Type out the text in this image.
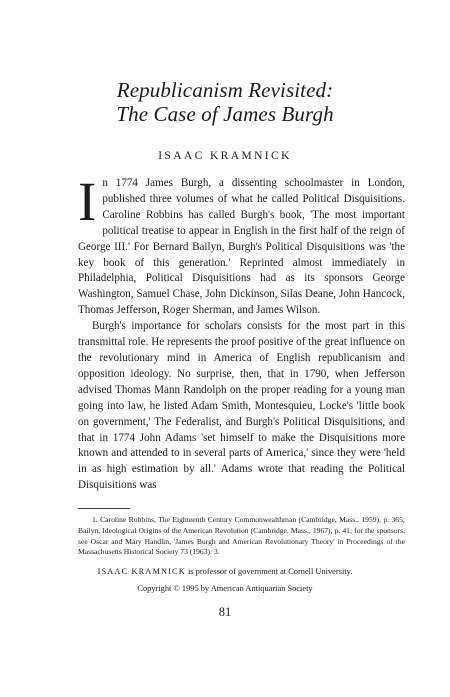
Republicanism Revisited:
The Case of James Burgh
ISAAC KRAMNICK

In 1774 James Burgh, a dissenting schoolmaster in London, published three volumes of what he called Political Disquisitions. Caroline Robbins has called Burgh's book, 'The most important political treatise to appear in English in the first half of the reign of George III.' For Bernard Bailyn, Burgh's Political Disquisitions was 'the key book of this generation.' Reprinted almost immediately in Philadelphia, Political Disquisitions had as its sponsors George Washington, Samuel Chase, John Dickinson, Silas Deane, John Hancock, Thomas Jefferson, Roger Sherman, and James Wilson.

Burgh's importance for scholars consists for the most part in this transmittal role. He represents the proof positive of the great influence on the revolutionary mind in America of English republicanism and opposition ideology. No surprise, then, that in 1790, when Jefferson advised Thomas Mann Randolph on the proper reading for a young man going into law, he listed Adam Smith, Montesquieu, Locke's 'little book on government,' The Federalist, and Burgh's Political Disquisitions, and that in 1774 John Adams 'set himself to make the Disquisitions more known and attended to in several parts of America,' since they were 'held in as high estimation by all.' Adams wrote that reading the Political Disquisitions was

1. Caroline Robbins, The Eighteenth Century Commonwealthman (Cambridge, Mass., 1959), p. 365; Bailyn, Ideological Origins of the American Revolution (Cambridge, Mass., 1967), p. 41; for the sponsors, see Oscar and Mary Handlin, 'James Burgh and American Revolutionary Theory' in Proceedings of the Massachusetts Historical Society 73 (1963): 3.
ISAAC KRAMNICK is professor of government at Cornell University.
Copyright © 1995 by American Antiquarian Society
81
